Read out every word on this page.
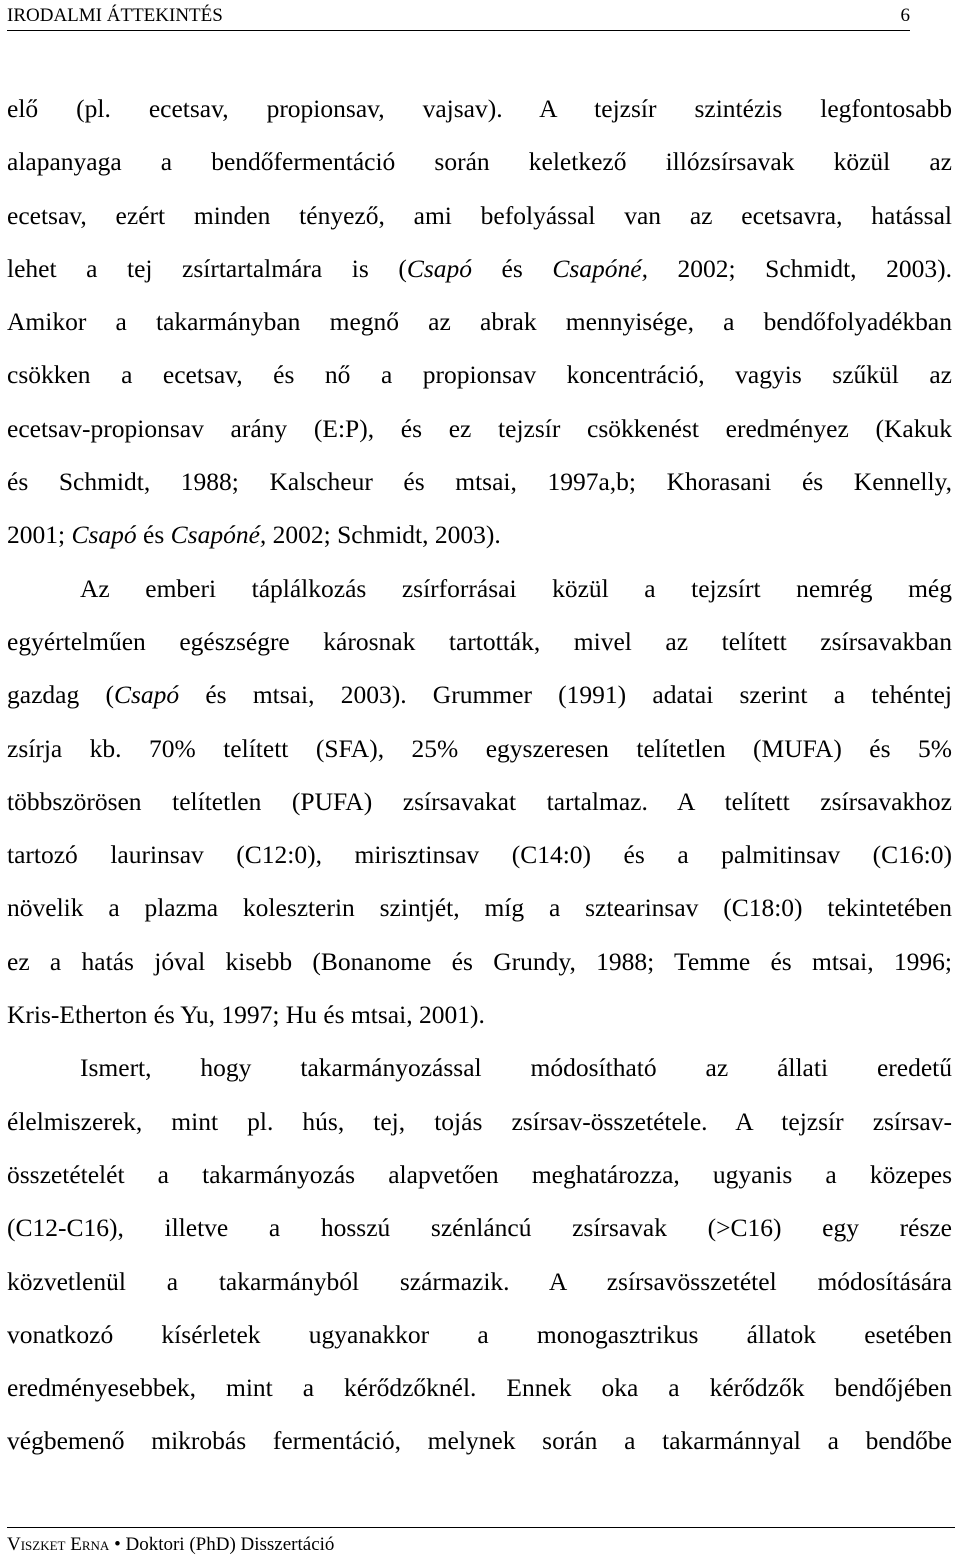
IRODALMI ÁTTEKINTÉS	6
elő (pl. ecetsav, propionsav, vajsav). A tejzsír szintézis legfontosabb
alapanyaga a bendőfermentáció során keletkező illózsírsavak közül az
ecetsav, ezért minden tényező, ami befolyással van az ecetsavra, hatással
lehet a tej zsírtartalmára is (Csapó és Csapóné, 2002; Schmidt, 2003).
Amikor a takarmányban megnő az abrak mennyisége, a bendőfolyadékban
csökken a ecetsav, és nő a propionsav koncentráció, vagyis szűkül az
ecetsav-propionsav arány (E:P), és ez tejzsír csökkenést eredményez (Kakuk
és Schmidt, 1988; Kalscheur és mtsai, 1997a,b; Khorasani és Kennelly,
2001; Csapó és Csapóné, 2002; Schmidt, 2003).
Az emberi táplálkozás zsírforrásai közül a tejzsírt nemrég még
egyértelműen egészségre károsnak tartották, mivel az telített zsírsavakban
gazdag (Csapó és mtsai, 2003). Grummer (1991) adatai szerint a tehéntej
zsírja kb. 70% telített (SFA), 25% egyszeresen telítetlen (MUFA) és 5%
többszörösen telítetlen (PUFA) zsírsavakat tartalmaz. A telített zsírsavakhoz
tartozó laurinsav (C12:0), mirisztinsav (C14:0) és a palmitinsav (C16:0)
növelik a plazma koleszterin szintjét, míg a sztearinsav (C18:0) tekintetében
ez a hatás jóval kisebb (Bonanome és Grundy, 1988; Temme és mtsai, 1996;
Kris-Etherton és Yu, 1997; Hu és mtsai, 2001).
Ismert, hogy takarmányozással módosítható az állati eredetű
élelmiszerek, mint pl. hús, tej, tojás zsírsav-összetétele. A tejzsír zsírsav-
összetételét a takarmányozás alapvetően meghatározza, ugyanis a közepes
(C12-C16), illetve a hosszú szénláncú zsírsavak (>C16) egy része
közvetlenül a takarmányból származik. A zsírsavösszetétel módosítására
vonatkozó kísérletek ugyanakkor a monogasztrikus állatok esetében
eredményesebbek, mint a kérődzőknél. Ennek oka a kérődzők bendőjében
végbemenő mikrobás fermentáció, melynek során a takarmánnyal a bendőbe
Viszket Erna • Doktori (PhD) Disszertáció
